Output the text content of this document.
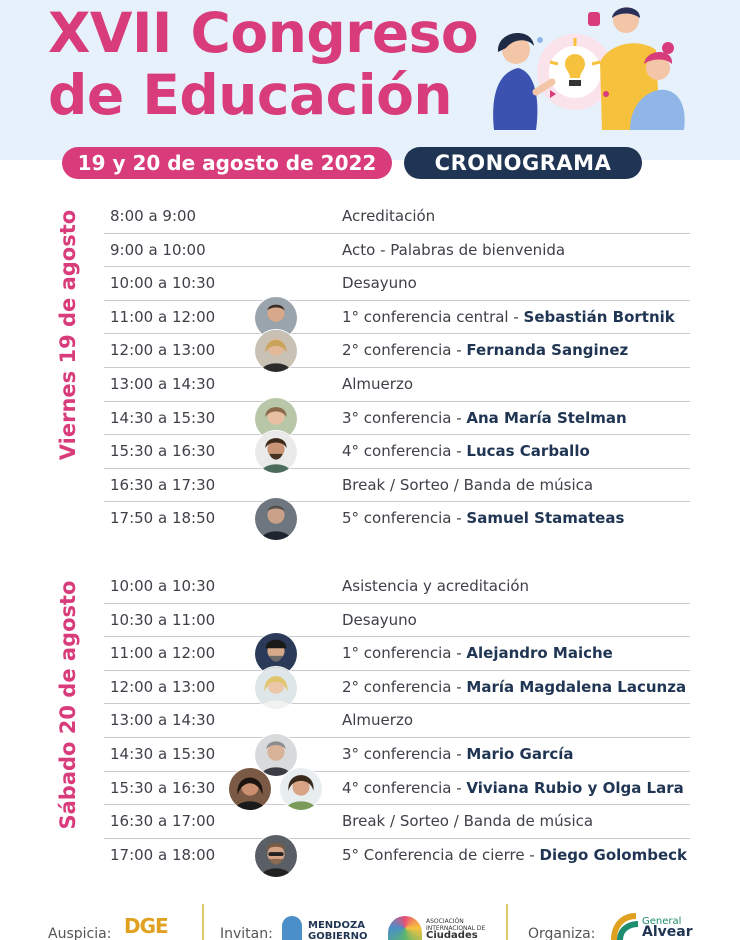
XVII Congreso
de Educación
19 y 20 de agosto de 2022	CRONOGRAMA
Viernes 19 de agosto
Sábado 20 de agosto
8:00 a 9:00	Acreditación
9:00 a 10:00	Acto - Palabras de bienvenida
10:00 a 10:30	Desayuno
11:00 a 12:00	1° conferencia central - Sebastián Bortnik
12:00 a 13:00	2° conferencia - Fernanda Sanginez
13:00 a 14:30	Almuerzo
14:30 a 15:30	3° conferencia - Ana María Stelman
15:30 a 16:30	4° conferencia - Lucas Carballo
16:30 a 17:30	Break / Sorteo / Banda de música
17:50 a 18:50	5° conferencia - Samuel Stamateas
10:00 a 10:30	Asistencia y acreditación
10:30 a 11:00	Desayuno
11:00 a 12:00	1° conferencia - Alejandro Maiche
12:00 a 13:00	2° conferencia - María Magdalena Lacunza
13:00 a 14:30	Almuerzo
14:30 a 15:30	3° conferencia - Mario García
15:30 a 16:30	4° conferencia - Viviana Rubio y Olga Lara
16:30 a 17:00	Break / Sorteo / Banda de música
17:00 a 18:00	5° Conferencia de cierre - Diego Golombeck
Auspicia: DGE	Invitan:
MENDOZA
GOBIERNO
ASOCIACIÓN
INTERNACIONAL DE
Ciudades	Organiza:
General
Alvear
